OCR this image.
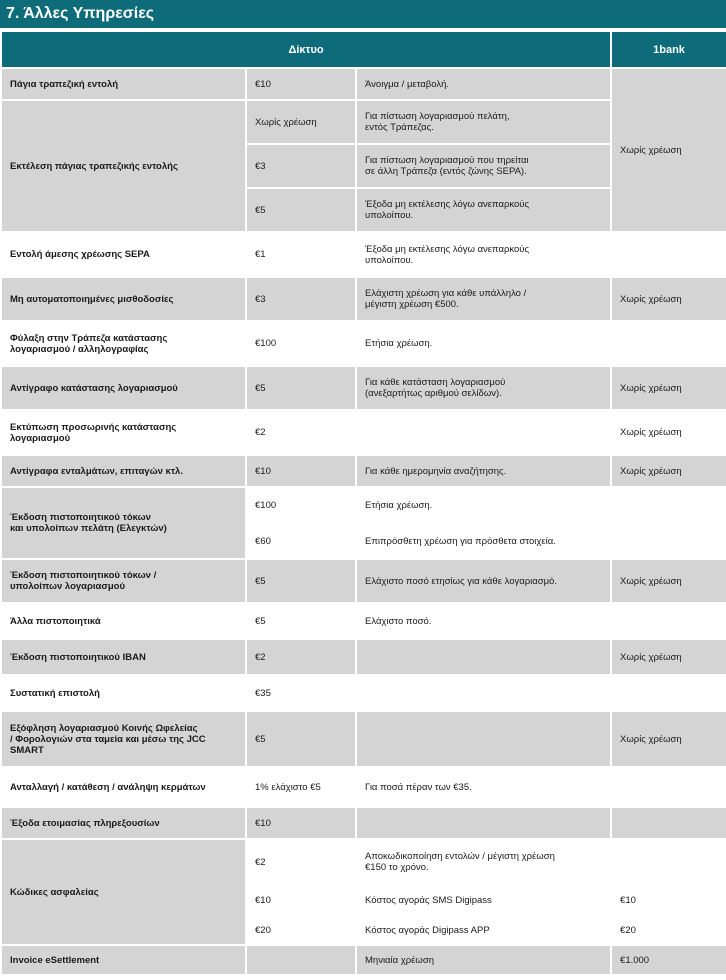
7. Άλλες Υπηρεσίες
Δίκτυο			1bank
Πάγια τραπεζική εντολή	€10	Άνοιγμα / μεταβολή.	Χωρίς χρέωση
Εκτέλεση πάγιας τραπεζικής εντολής	Χωρίς χρέωση	Για πίστωση λογαριασμού πελάτη,
εντός Τράπεζας.	
	€3	Για πίστωση λογαριασμού που τηρείται
σε άλλη Τράπεζα (εντός ζώνης SEPA).	
	€5	Έξοδα μη εκτέλεσης λόγω ανεπαρκούς
υπολοίπου.	
Εντολή άμεσης χρέωσης SEPA	€1	Έξοδα μη εκτέλεσης λόγω ανεπαρκούς
υπολοίπου.	
Μη αυτοματοποιημένες μισθοδοσίες	€3	Ελάχιστη χρέωση για κάθε υπάλληλο /
μέγιστη χρέωση €500.	Χωρίς χρέωση
Φύλαξη στην Τράπεζα κατάστασης
λογαριασμού / αλληλογραφίας	€100	Ετήσια χρέωση.	
Αντίγραφο κατάστασης λογαριασμού	€5	Για κάθε κατάσταση λογαριασμού
(ανεξαρτήτως αριθμού σελίδων).	Χωρίς χρέωση
Εκτύπωση προσωρινής κατάστασης
λογαριασμού	€2		Χωρίς χρέωση
Αντίγραφα ενταλμάτων, επιταγών κτλ.	€10	Για κάθε ημερομηνία αναζήτησης.	Χωρίς χρέωση
Έκδοση πιστοποιητικού τόκων
και υπολοίπων πελάτη (Ελεγκτών)	€100	Ετήσια χρέωση.	
	€60	Επιπρόσθετη χρέωση για πρόσθετα στοιχεία.	
Έκδοση πιστοποιητικού τόκων /
υπολοίπων λογαριασμού	€5	Ελάχιστο ποσό ετησίως για κάθε λογαριασμό.	Χωρίς χρέωση
Άλλα πιστοποιητικά	€5	Ελάχιστο ποσό.	
Έκδοση πιστοποιητικού IBAN	€2		Χωρίς χρέωση
Συστατική επιστολή	€35		
Εξόφληση λογαριασμού Κοινής Ωφελείας
/ Φορολογιών στα ταμεία και μέσω της JCC
SMART	€5		Χωρίς χρέωση
Ανταλλαγή / κατάθεση / ανάληψη κερμάτων	1% ελάχιστο €5	Για ποσά πέραν των €35.	
Έξοδα ετοιμασίας πληρεξουσίων	€10		
Κώδικες ασφαλείας	€2	Αποκωδικοποίηση εντολών / μέγιστη χρέωση
€150 το χρόνο.	
	€10	Κόστος αγοράς SMS Digipass	€10
	€20	Κόστος αγοράς Digipass APP	€20
Invoice eSettlement		Μηνιαία χρέωση	€1.000
